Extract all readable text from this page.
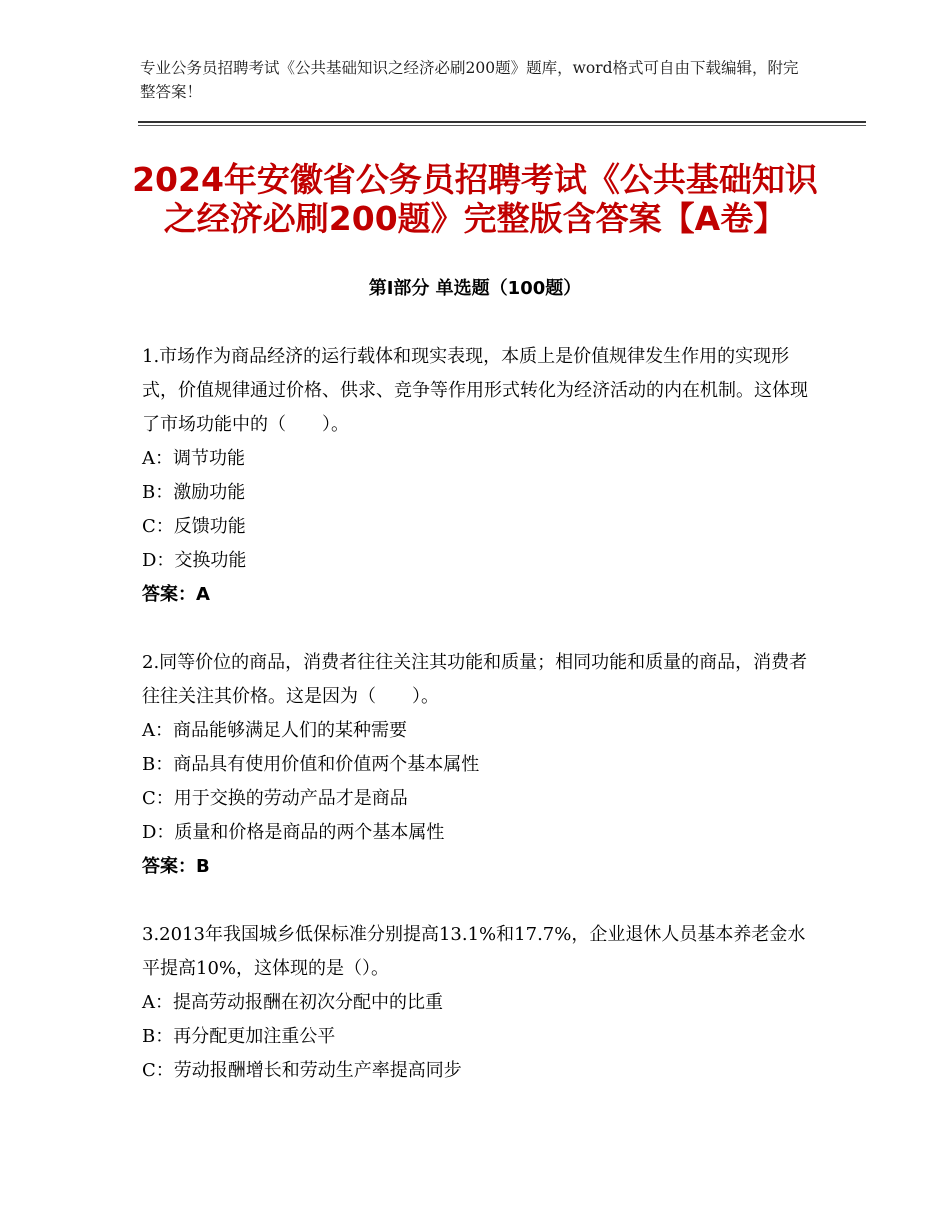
专业公务员招聘考试《公共基础知识之经济必刷200题》题库，word格式可自由下载编辑，附完整答案！
2024年安徽省公务员招聘考试《公共基础知识之经济必刷200题》完整版含答案【A卷】
第Ⅰ部分 单选题（100题）

1.市场作为商品经济的运行载体和现实表现，本质上是价值规律发生作用的实现形式，价值规律通过价格、供求、竞争等作用形式转化为经济活动的内在机制。这体现了市场功能中的（　　）。

A：调节功能

B：激励功能

C：反馈功能

D：交换功能

答案：A

2.同等价位的商品，消费者往往关注其功能和质量；相同功能和质量的商品，消费者往往关注其价格。这是因为（　　）。

A：商品能够满足人们的某种需要

B：商品具有使用价值和价值两个基本属性

C：用于交换的劳动产品才是商品

D：质量和价格是商品的两个基本属性

答案：B

3.2013年我国城乡低保标准分别提高13.1%和17.7%，企业退休人员基本养老金水平提高10%，这体现的是（）。

A：提高劳动报酬在初次分配中的比重

B：再分配更加注重公平

C：劳动报酬增长和劳动生产率提高同步
